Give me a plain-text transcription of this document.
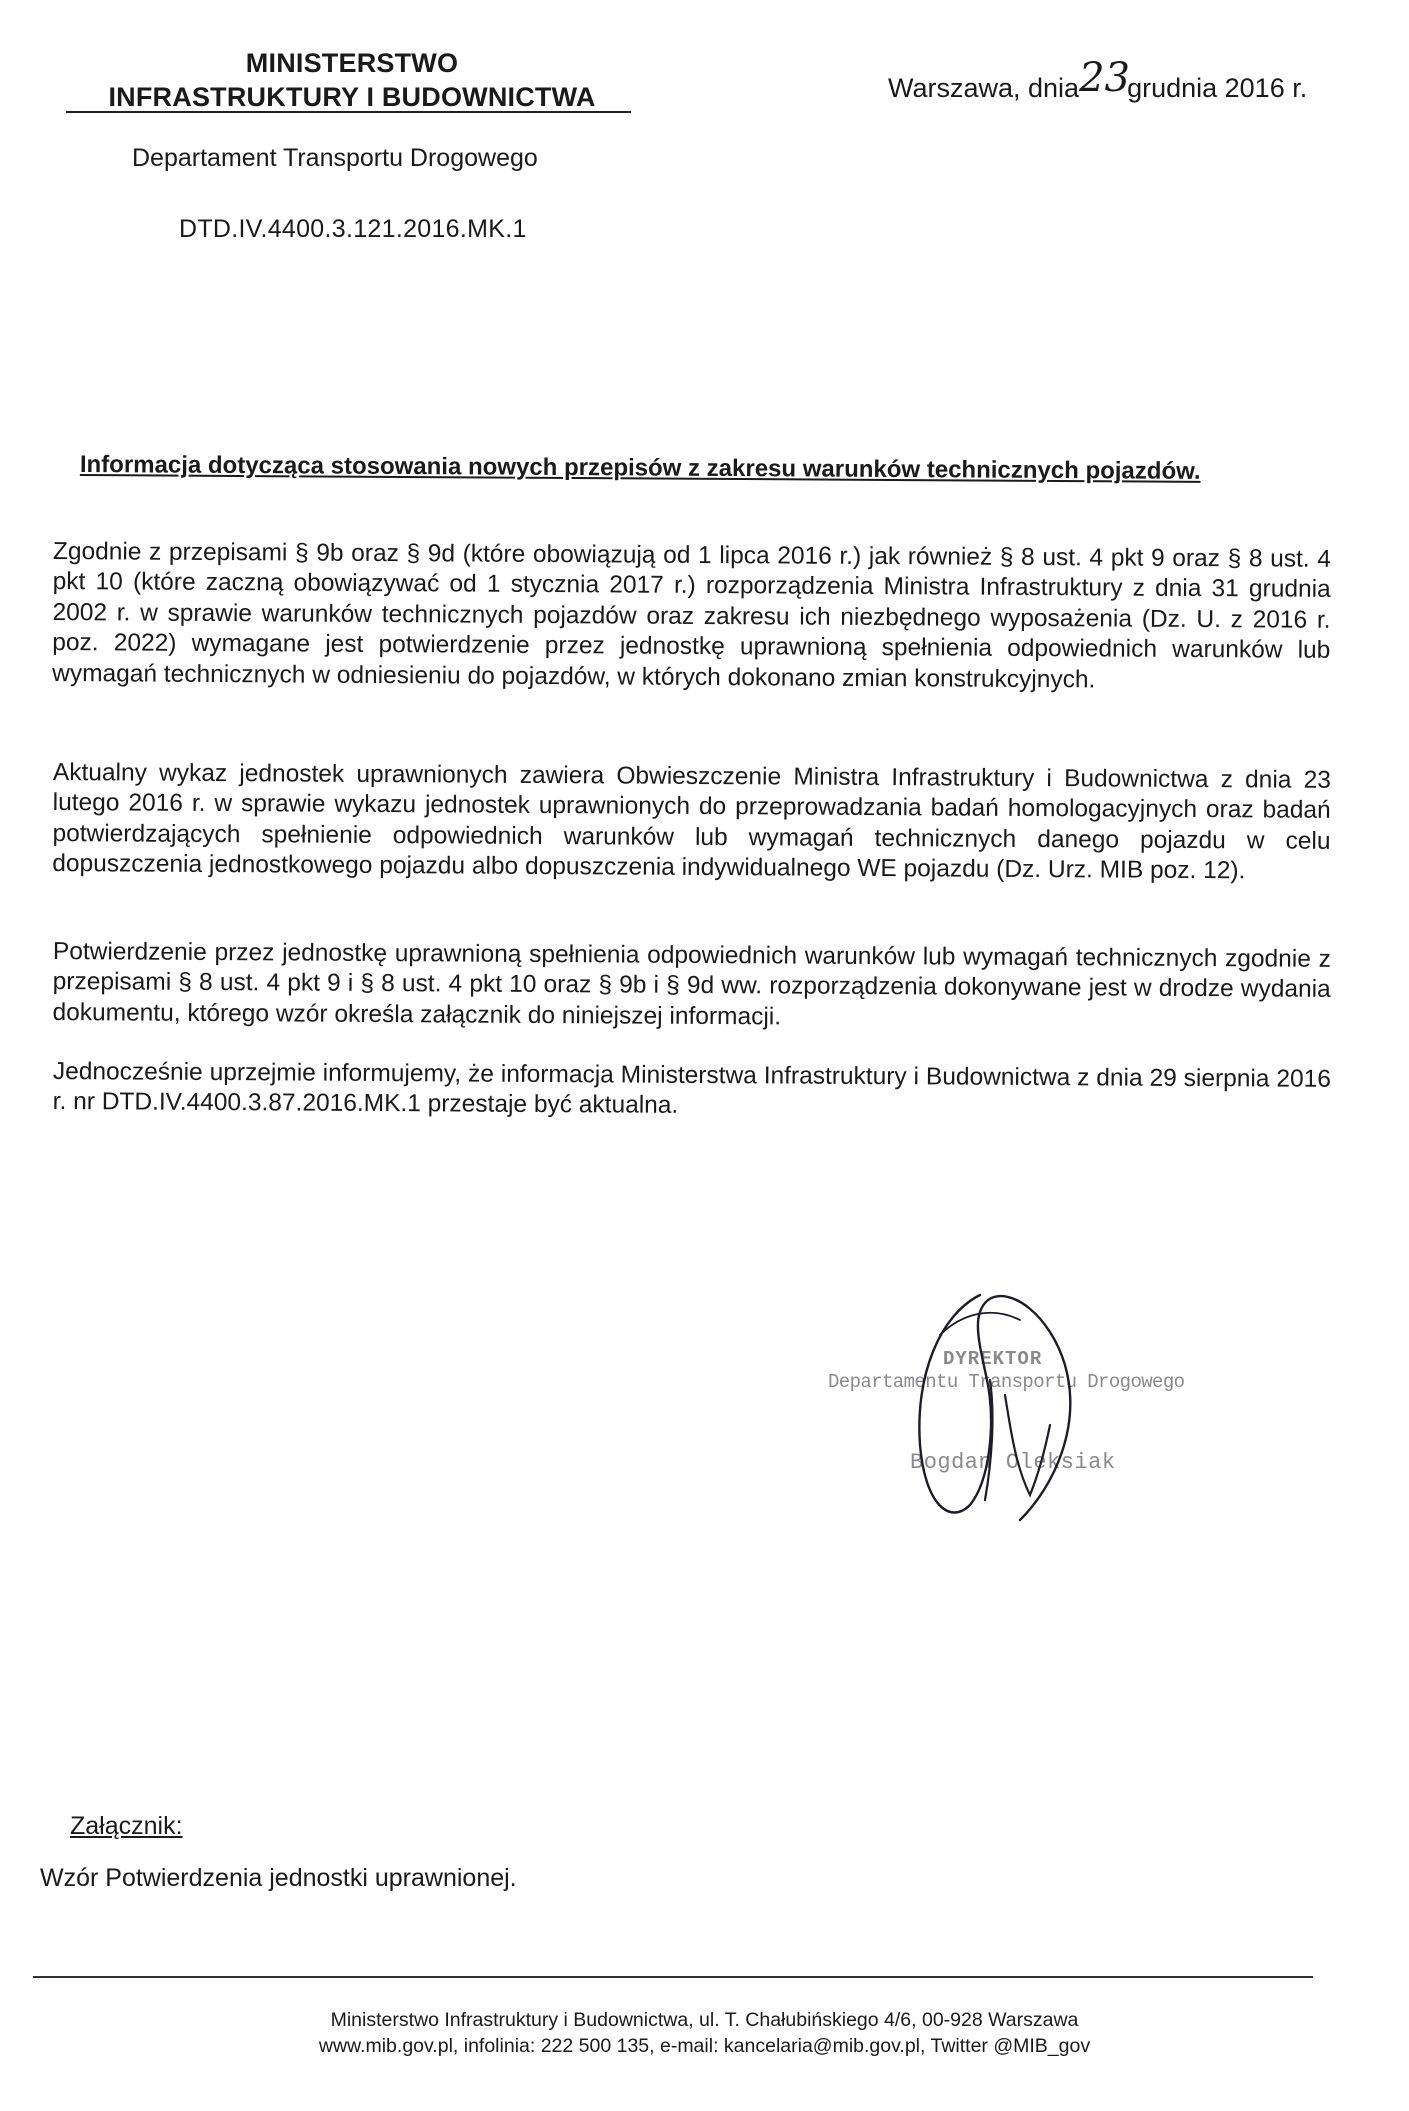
MINISTERSTWO
INFRASTRUKTURY I BUDOWNICTWA	Warszawa, dnia23grudnia 2016 r.
Departament Transportu Drogowego
DTD.IV.4400.3.121.2016.MK.1
Informacja dotycząca stosowania nowych przepisów z zakresu warunków technicznych pojazdów.
Zgodnie z przepisami § 9b oraz § 9d (które obowiązują od 1 lipca 2016 r.) jak również § 8 ust. 4 pkt 9 oraz § 8 ust. 4 pkt 10 (które zaczną obowiązywać od 1 stycznia 2017 r.) rozporządzenia Ministra Infrastruktury z dnia 31 grudnia 2002 r. w sprawie warunków technicznych pojazdów oraz zakresu ich niezbędnego wyposażenia (Dz. U. z 2016 r. poz. 2022) wymagane jest potwierdzenie przez jednostkę uprawnioną spełnienia odpowiednich warunków lub wymagań technicznych w odniesieniu do pojazdów, w których dokonano zmian konstrukcyjnych.
Aktualny wykaz jednostek uprawnionych zawiera Obwieszczenie Ministra Infrastruktury i Budownictwa z dnia 23 lutego 2016 r. w sprawie wykazu jednostek uprawnionych do przeprowadzania badań homologacyjnych oraz badań potwierdzających spełnienie odpowiednich warunków lub wymagań technicznych danego pojazdu w celu dopuszczenia jednostkowego pojazdu albo dopuszczenia indywidualnego WE pojazdu (Dz. Urz. MIB poz. 12).
Potwierdzenie przez jednostkę uprawnioną spełnienia odpowiednich warunków lub wymagań technicznych zgodnie z przepisami § 8 ust. 4 pkt 9 i § 8 ust. 4 pkt 10 oraz § 9b i § 9d ww. rozporządzenia dokonywane jest w drodze wydania dokumentu, którego wzór określa załącznik do niniejszej informacji.
Jednocześnie uprzejmie informujemy, że informacja Ministerstwa Infrastruktury i Budownictwa z dnia 29 sierpnia 2016 r. nr DTD.IV.4400.3.87.2016.MK.1 przestaje być aktualna.
DYREKTOR
Departamentu Transportu Drogowego
Bogdan Oleksiak
Załącznik:
Wzór Potwierdzenia jednostki uprawnionej.
Ministerstwo Infrastruktury i Budownictwa, ul. T. Chałubińskiego 4/6, 00-928 Warszawa
www.mib.gov.pl, infolinia: 222 500 135, e-mail: kancelaria@mib.gov.pl, Twitter @MIB_gov
